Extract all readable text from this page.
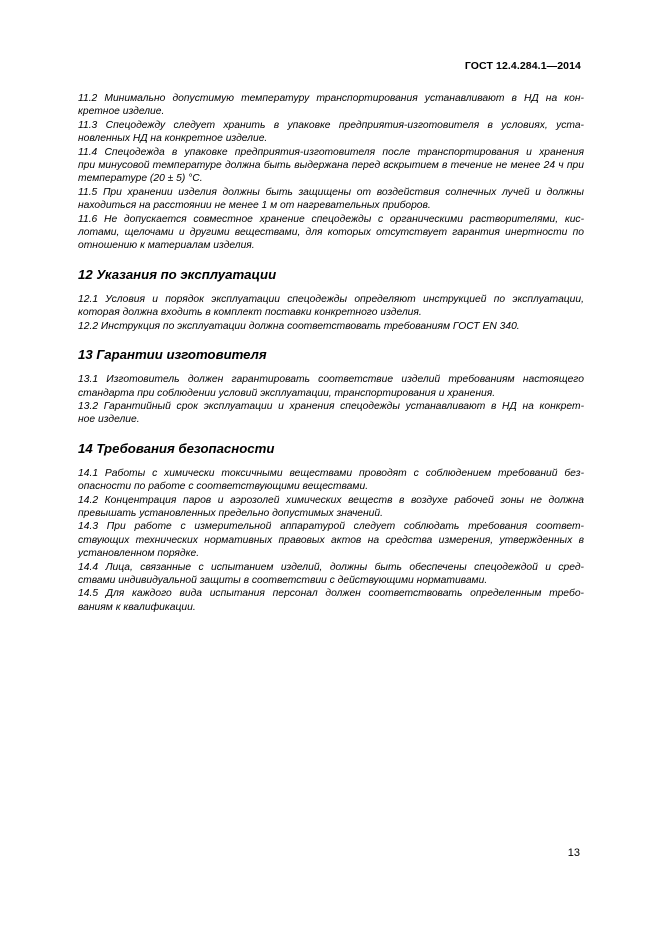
ГОСТ 12.4.284.1—2014
11.2 Минимально допустимую температуру транспортирования устанавливают в НД на кон-
кретное изделие.
11.3 Спецодежду следует хранить в упаковке предприятия-изготовителя в условиях, уста-
новленных НД на конкретное изделие.
11.4 Спецодежда в упаковке предприятия-изготовителя после транспортирования и хранения
при минусовой температуре должна быть выдержана перед вскрытием в течение не менее 24 ч при
температуре (20 ± 5) °С.
11.5 При хранении изделия должны быть защищены от воздействия солнечных лучей и должны
находиться на расстоянии не менее 1 м от нагревательных приборов.
11.6 Не допускается совместное хранение спецодежды с органическими растворителями, кис-
лотами, щелочами и другими веществами, для которых отсутствует гарантия инертности по
отношению к материалам изделия.
12 Указания по эксплуатации
12.1 Условия и порядок эксплуатации спецодежды определяют инструкцией по эксплуатации,
которая должна входить в комплект поставки конкретного изделия.
12.2 Инструкция по эксплуатации должна соответствовать требованиям ГОСТ EN 340.
13 Гарантии изготовителя
13.1 Изготовитель должен гарантировать соответствие изделий требованиям настоящего
стандарта при соблюдении условий эксплуатации, транспортирования и хранения.
13.2 Гарантийный срок эксплуатации и хранения спецодежды устанавливают в НД на конкрет-
ное изделие.
14 Требования безопасности
14.1 Работы с химически токсичными веществами проводят с соблюдением требований без-
опасности по работе с соответствующими веществами.
14.2 Концентрация паров и аэрозолей химических веществ в воздухе рабочей зоны не должна
превышать установленных предельно допустимых значений.
14.3 При работе с измерительной аппаратурой следует соблюдать требования соответ-
ствующих технических нормативных правовых актов на средства измерения, утвержденных в
установленном порядке.
14.4 Лица, связанные с испытанием изделий, должны быть обеспечены спецодеждой и сред-
ствами индивидуальной защиты в соответствии с действующими нормативами.
14.5 Для каждого вида испытания персонал должен соответствовать определенным требо-
ваниям к квалификации.
13
